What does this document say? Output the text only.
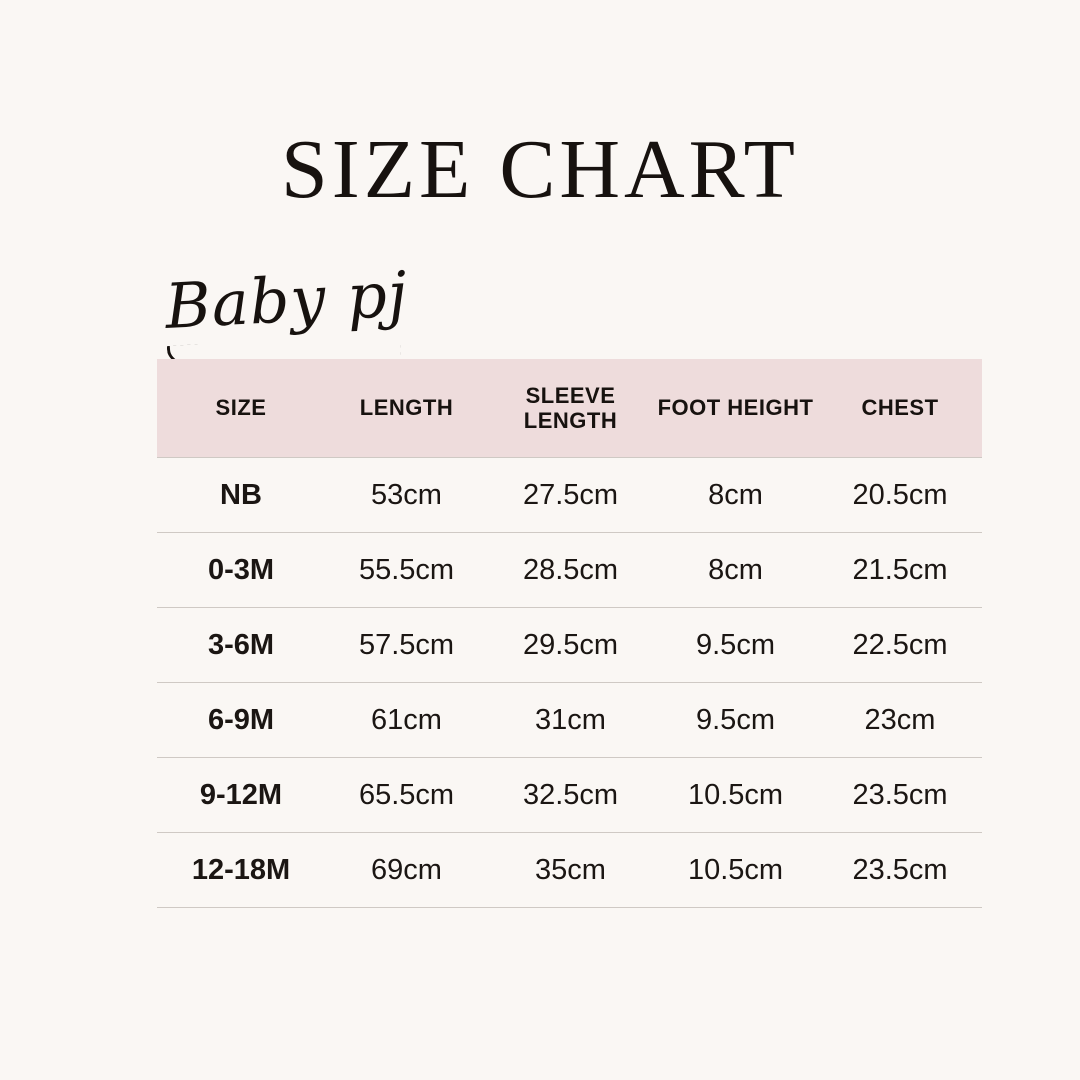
SIZE CHART
Baby pj
SIZE	LENGTH	SLEEVE LENGTH	FOOT HEIGHT	CHEST
NB	53cm	27.5cm	8cm	20.5cm
0-3M	55.5cm	28.5cm	8cm	21.5cm
3-6M	57.5cm	29.5cm	9.5cm	22.5cm
6-9M	61cm	31cm	9.5cm	23cm
9-12M	65.5cm	32.5cm	10.5cm	23.5cm
12-18M	69cm	35cm	10.5cm	23.5cm
